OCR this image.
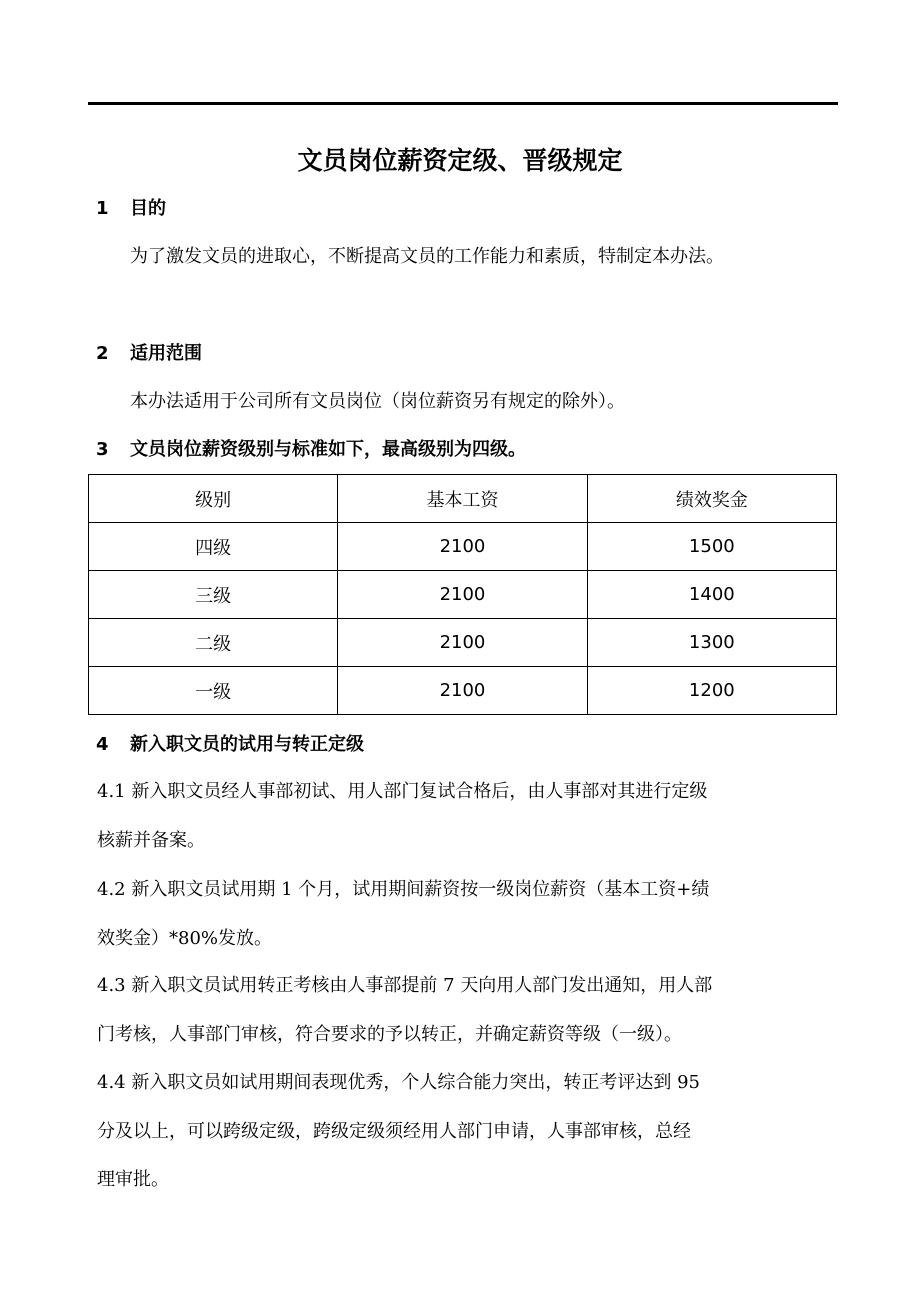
文员岗位薪资定级、晋级规定
1 目的
为了激发文员的进取心，不断提高文员的工作能力和素质，特制定本办法。
2 适用范围
本办法适用于公司所有文员岗位（岗位薪资另有规定的除外）。
3 文员岗位薪资级别与标准如下，最高级别为四级。
级别	基本工资	绩效奖金
四级	2100	1500
三级	2100	1400
二级	2100	1300
一级	2100	1200
4 新入职文员的试用与转正定级
4.1 新入职文员经人事部初试、用人部门复试合格后，由人事部对其进行定级
核薪并备案。
4.2 新入职文员试用期 1 个月，试用期间薪资按一级岗位薪资（基本工资+绩
效奖金）*80%发放。
4.3 新入职文员试用转正考核由人事部提前 7 天向用人部门发出通知，用人部
门考核，人事部门审核，符合要求的予以转正，并确定薪资等级（一级）。
4.4 新入职文员如试用期间表现优秀，个人综合能力突出，转正考评达到 95
分及以上，可以跨级定级，跨级定级须经用人部门申请，人事部审核，总经
理审批。
